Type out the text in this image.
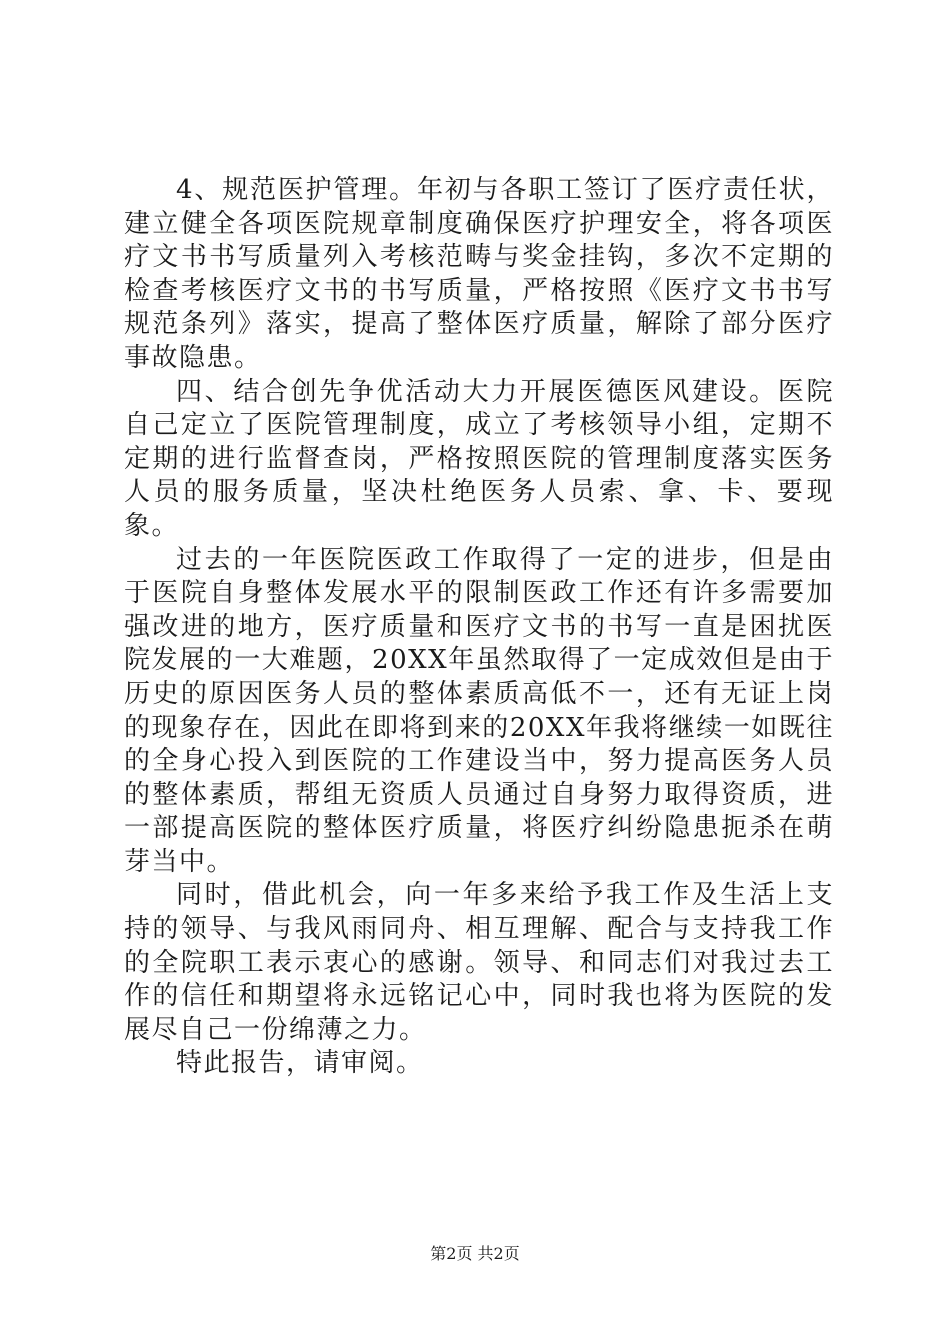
4、规范医护管理。年初与各职工签订了医疗责任状，建立健全各项医院规章制度确保医疗护理安全，将各项医疗文书书写质量列入考核范畴与奖金挂钩，多次不定期的检查考核医疗文书的书写质量，严格按照《医疗文书书写规范条列》落实，提高了整体医疗质量，解除了部分医疗事故隐患。

四、结合创先争优活动大力开展医德医风建设。医院自己定立了医院管理制度，成立了考核领导小组，定期不定期的进行监督查岗，严格按照医院的管理制度落实医务人员的服务质量，坚决杜绝医务人员索、拿、卡、要现象。

过去的一年医院医政工作取得了一定的进步，但是由于医院自身整体发展水平的限制医政工作还有许多需要加强改进的地方，医疗质量和医疗文书的书写一直是困扰医院发展的一大难题，20XX年虽然取得了一定成效但是由于历史的原因医务人员的整体素质高低不一，还有无证上岗的现象存在，因此在即将到来的20XX年我将继续一如既往的全身心投入到医院的工作建设当中，努力提高医务人员的整体素质，帮组无资质人员通过自身努力取得资质，进一部提高医院的整体医疗质量，将医疗纠纷隐患扼杀在萌芽当中。

同时，借此机会，向一年多来给予我工作及生活上支持的领导、与我风雨同舟、相互理解、配合与支持我工作的全院职工表示衷心的感谢。领导、和同志们对我过去工作的信任和期望将永远铭记心中，同时我也将为医院的发展尽自己一份绵薄之力。

特此报告，请审阅。

第2页 共2页
